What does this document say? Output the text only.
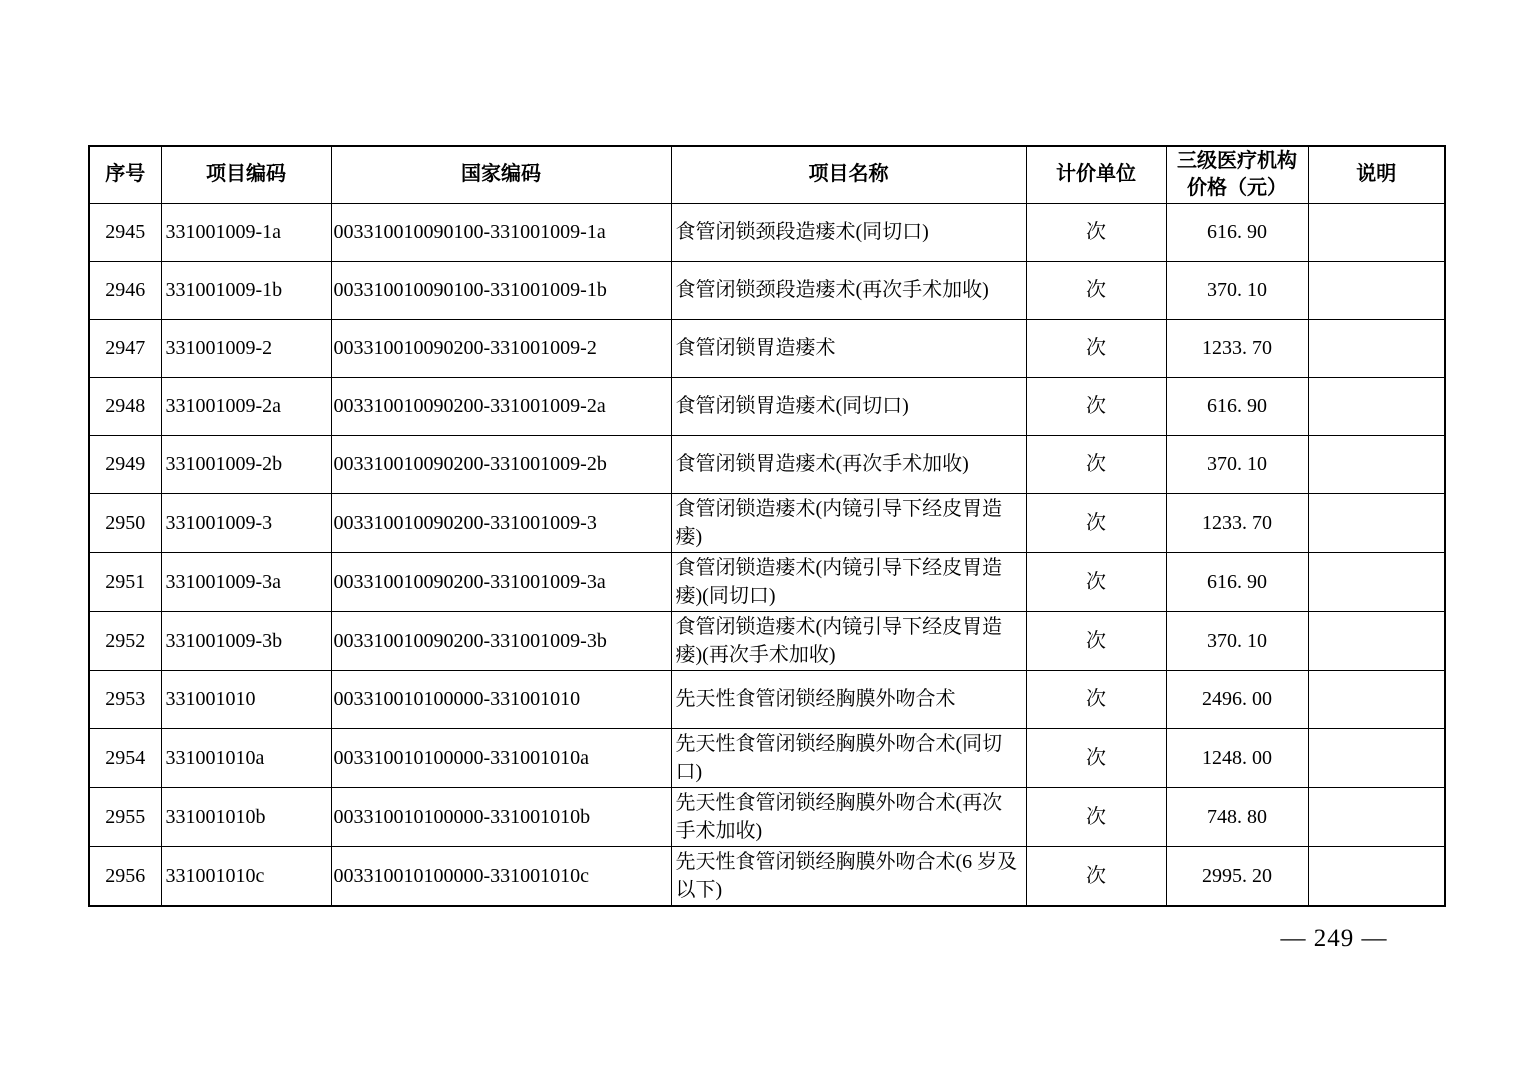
序号	项目编码	国家编码	项目名称	计价单位	三级医疗机构价格（元）	说明
2945	331001009-1a	003310010090100-331001009-1a	食管闭锁颈段造瘘术(同切口)	次	616. 90	
2946	331001009-1b	003310010090100-331001009-1b	食管闭锁颈段造瘘术(再次手术加收)	次	370. 10	
2947	331001009-2	003310010090200-331001009-2	食管闭锁胃造瘘术	次	1233. 70	
2948	331001009-2a	003310010090200-331001009-2a	食管闭锁胃造瘘术(同切口)	次	616. 90	
2949	331001009-2b	003310010090200-331001009-2b	食管闭锁胃造瘘术(再次手术加收)	次	370. 10	
2950	331001009-3	003310010090200-331001009-3	食管闭锁造瘘术(内镜引导下经皮胃造瘘)	次	1233. 70	
2951	331001009-3a	003310010090200-331001009-3a	食管闭锁造瘘术(内镜引导下经皮胃造瘘)(同切口)	次	616. 90	
2952	331001009-3b	003310010090200-331001009-3b	食管闭锁造瘘术(内镜引导下经皮胃造瘘)(再次手术加收)	次	370. 10	
2953	331001010	003310010100000-331001010	先天性食管闭锁经胸膜外吻合术	次	2496. 00	
2954	331001010a	003310010100000-331001010a	先天性食管闭锁经胸膜外吻合术(同切口)	次	1248. 00	
2955	331001010b	003310010100000-331001010b	先天性食管闭锁经胸膜外吻合术(再次手术加收)	次	748. 80	
2956	331001010c	003310010100000-331001010c	先天性食管闭锁经胸膜外吻合术(6 岁及以下)	次	2995. 20	
— 249 —
